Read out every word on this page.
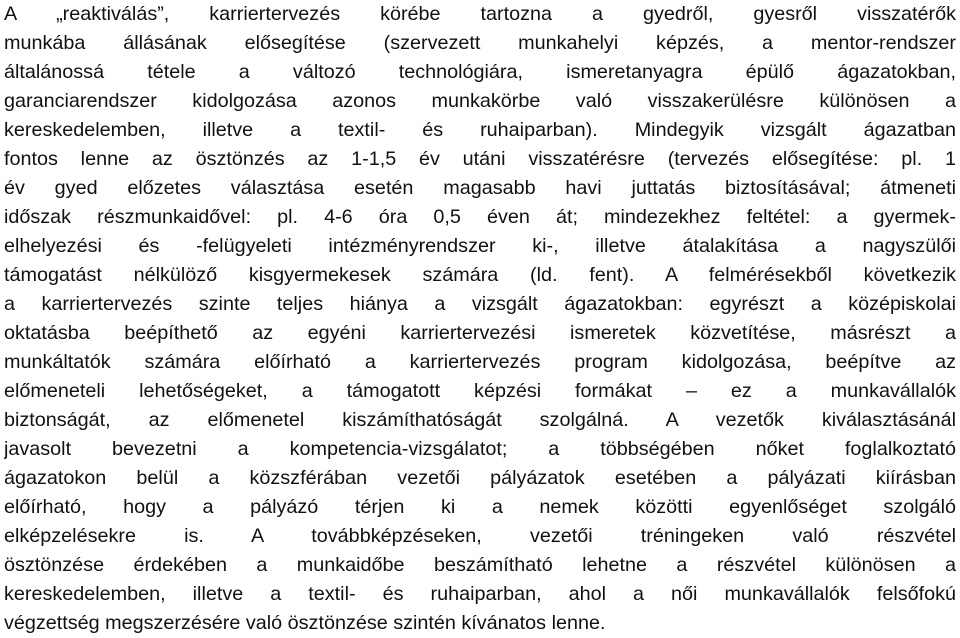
A „reaktiválás”, karriertervezés körébe tartozna a gyedről, gyesről visszatérők
munkába állásának elősegítése (szervezett munkahelyi képzés, a mentor-rendszer
általánossá tétele a változó technológiára, ismeretanyagra épülő ágazatokban,
garanciarendszer kidolgozása azonos munkakörbe való visszakerülésre különösen a
kereskedelemben, illetve a textil- és ruhaiparban). Mindegyik vizsgált ágazatban
fontos lenne az ösztönzés az 1-1,5 év utáni visszatérésre (tervezés elősegítése: pl. 1
év gyed előzetes választása esetén magasabb havi juttatás biztosításával; átmeneti
időszak részmunkaidővel: pl. 4-6 óra 0,5 éven át; mindezekhez feltétel: a gyermek-
elhelyezési és -felügyeleti intézményrendszer ki-, illetve átalakítása a nagyszülői
támogatást nélkülöző kisgyermekesek számára (ld. fent). A felmérésekből következik
a karriertervezés szinte teljes hiánya a vizsgált ágazatokban: egyrészt a középiskolai
oktatásba beépíthető az egyéni karriertervezési ismeretek közvetítése, másrészt a
munkáltatók számára előírható a karriertervezés program kidolgozása, beépítve az
előmeneteli lehetőségeket, a támogatott képzési formákat – ez a munkavállalók
biztonságát, az előmenetel kiszámíthatóságát szolgálná. A vezetők kiválasztásánál
javasolt bevezetni a kompetencia-vizsgálatot; a többségében nőket foglalkoztató
ágazatokon belül a közszférában vezetői pályázatok esetében a pályázati kiírásban
előírható, hogy a pályázó térjen ki a nemek közötti egyenlőséget szolgáló
elképzelésekre is. A továbbképzéseken, vezetői tréningeken való részvétel
ösztönzése érdekében a munkaidőbe beszámítható lehetne a részvétel különösen a
kereskedelemben, illetve a textil- és ruhaiparban, ahol a női munkavállalók felsőfokú
végzettség megszerzésére való ösztönzése szintén kívánatos lenne.
